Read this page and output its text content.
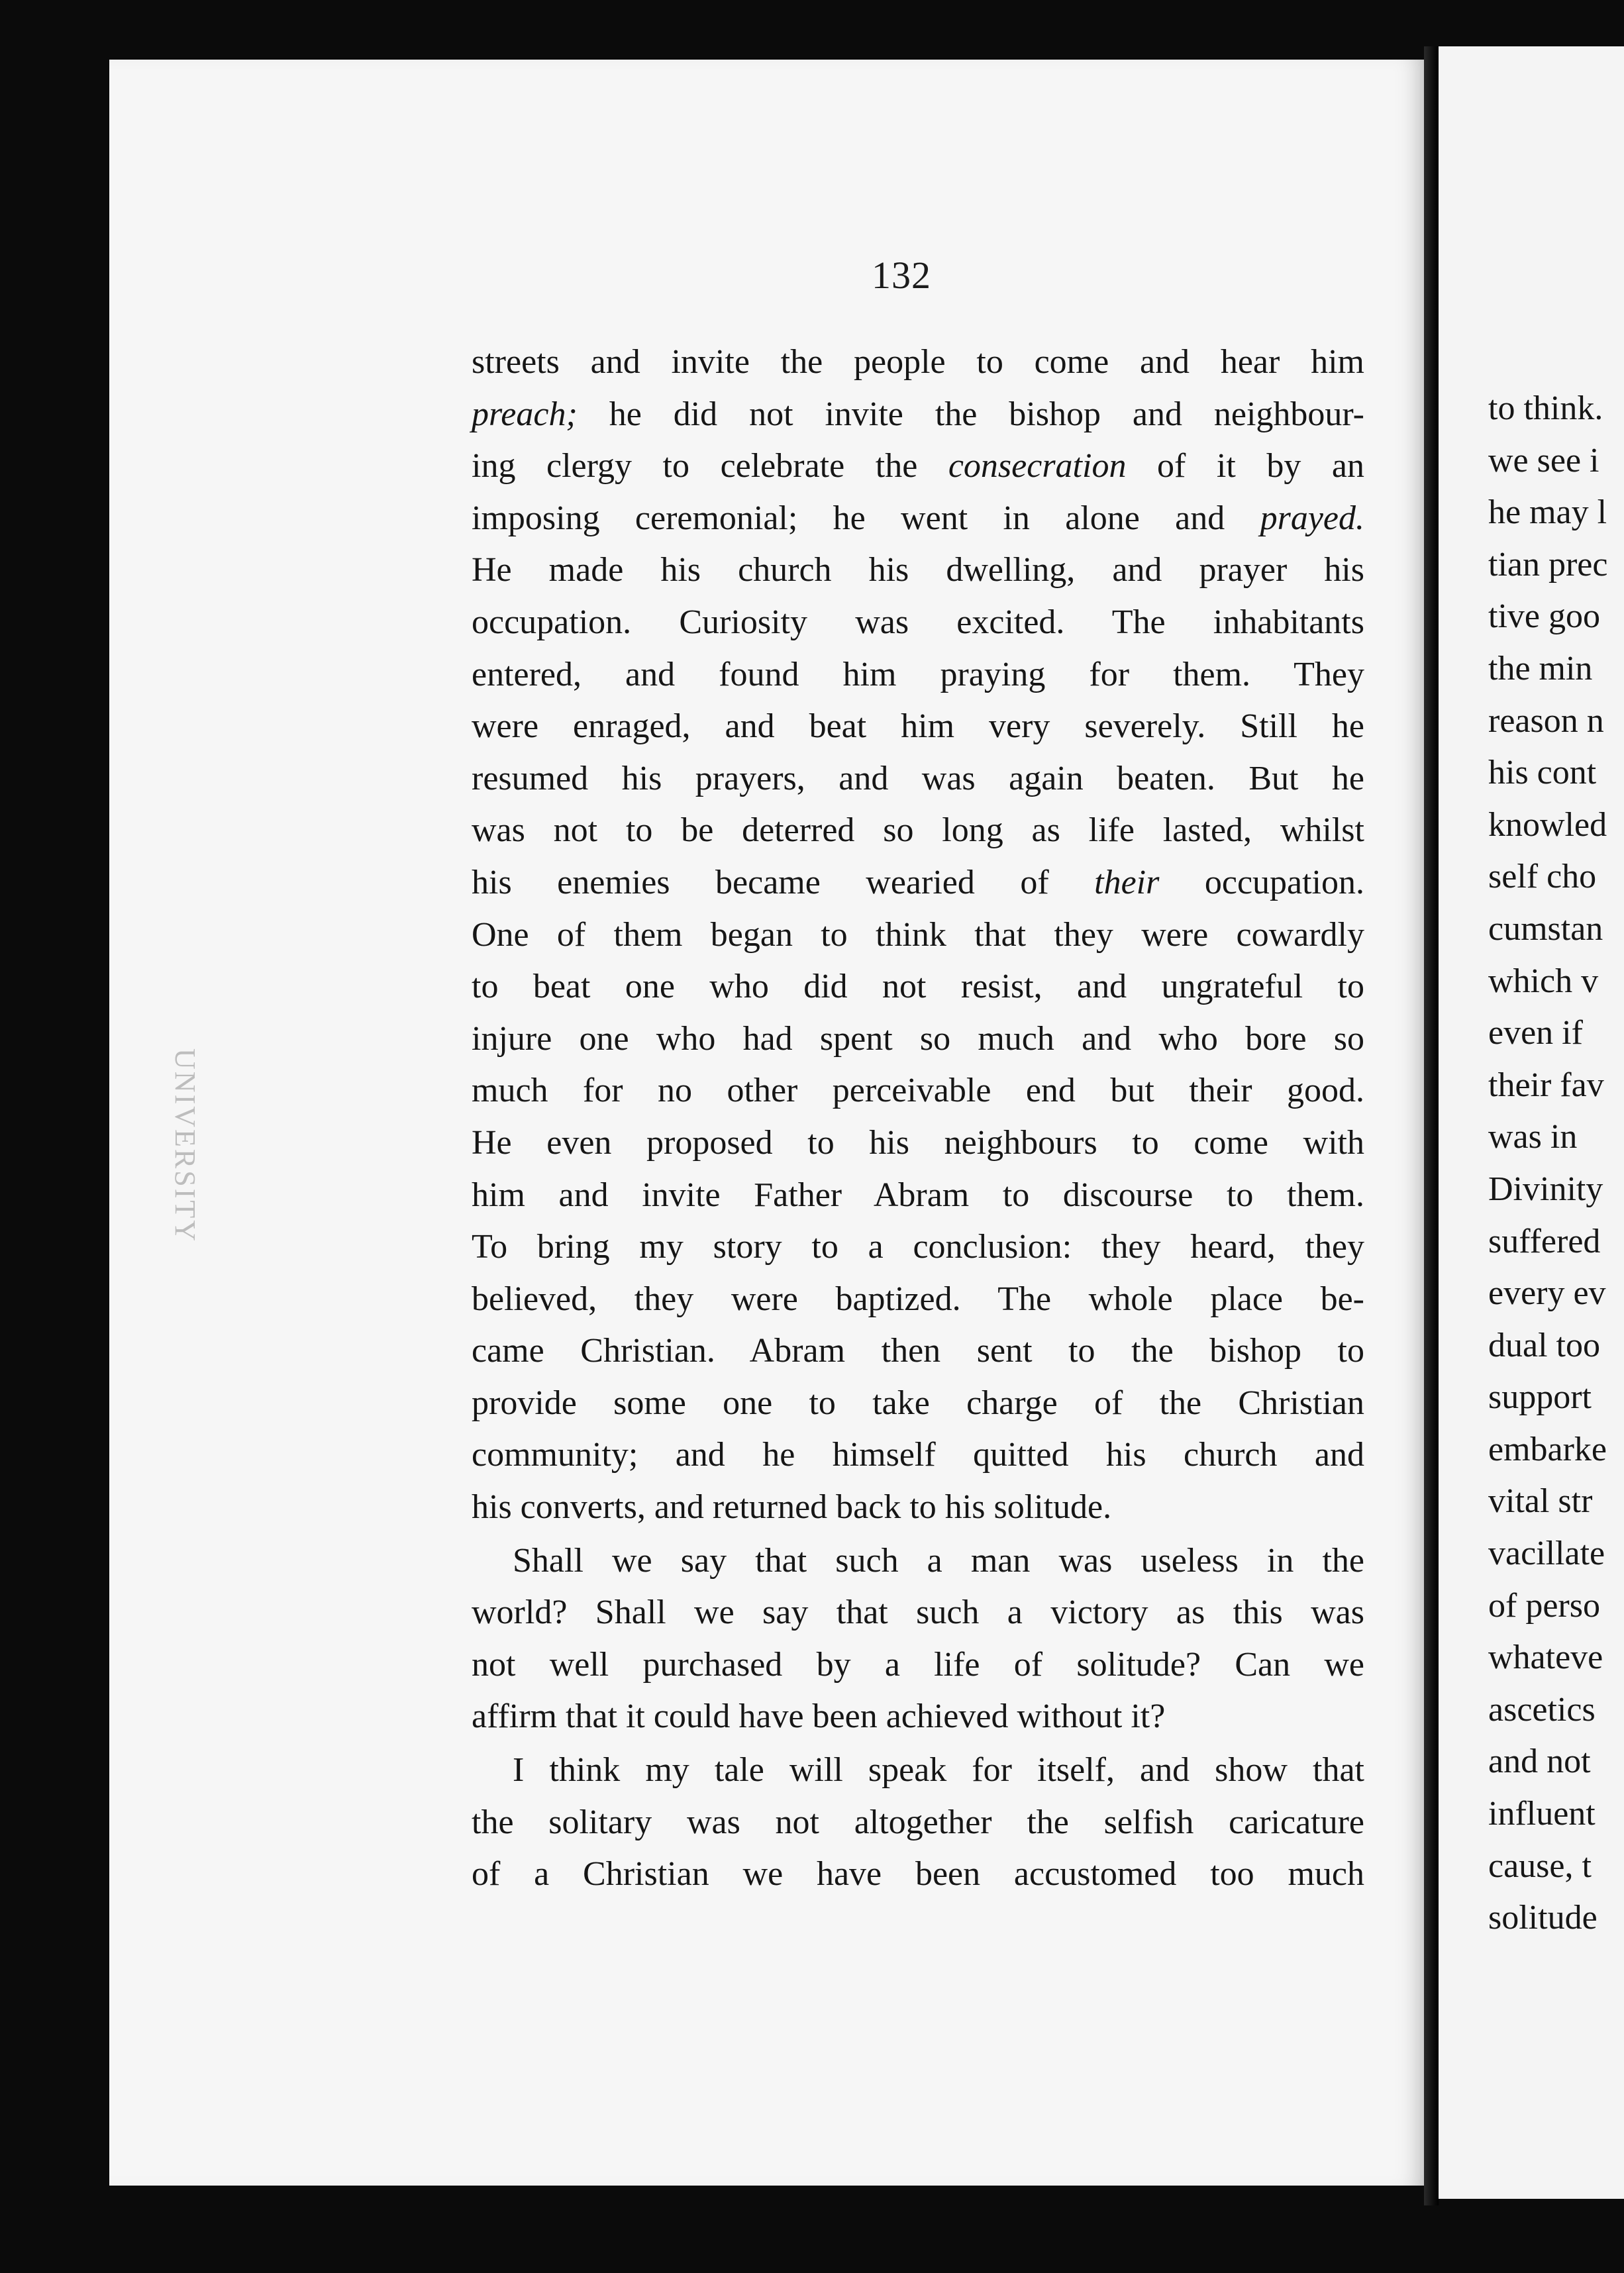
to think.
we see i
he may l
tian prec
tive goo
the min
reason n
his cont
knowled
self cho
cumstan
which v
even if
their fav
was in
Divinity
suffered
every ev
dual too
support
embarke
vital str
vacillate
of perso
whateve
ascetics
and not
influent
cause, t
solitude
UNIVERSITY
132
streets and invite the people to come and hear him
preach; he did not invite the bishop and neighbour-
ing clergy to celebrate the consecration of it by an
imposing ceremonial; he went in alone and prayed.
He made his church his dwelling, and prayer his
occupation. Curiosity was excited. The inhabitants
entered, and found him praying for them. They
were enraged, and beat him very severely. Still he
resumed his prayers, and was again beaten. But he
was not to be deterred so long as life lasted, whilst
his enemies became wearied of their occupation.
One of them began to think that they were cowardly
to beat one who did not resist, and ungrateful to
injure one who had spent so much and who bore so
much for no other perceivable end but their good.
He even proposed to his neighbours to come with
him and invite Father Abram to discourse to them.
To bring my story to a conclusion: they heard, they
believed, they were baptized. The whole place be-
came Christian. Abram then sent to the bishop to
provide some one to take charge of the Christian
community; and he himself quitted his church and
his converts, and returned back to his solitude.
Shall we say that such a man was useless in the
world? Shall we say that such a victory as this was
not well purchased by a life of solitude? Can we
affirm that it could have been achieved without it?
I think my tale will speak for itself, and show that
the solitary was not altogether the selfish caricature
of a Christian we have been accustomed too much
